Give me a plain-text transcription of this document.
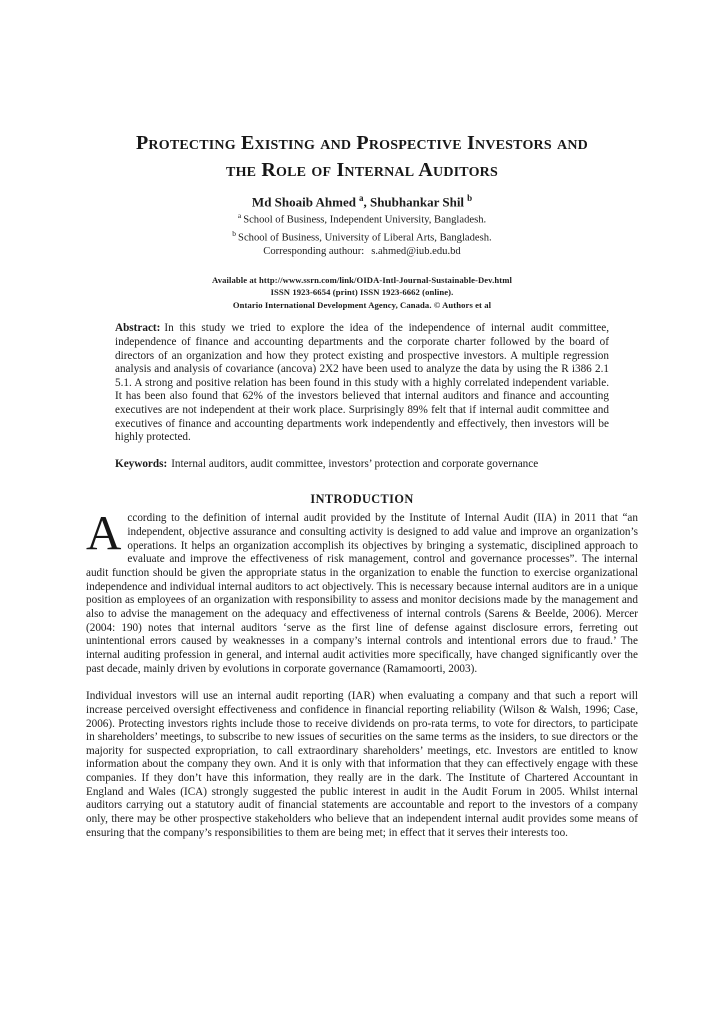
Protecting Existing and Prospective Investors and
the Role of Internal Auditors
Md Shoaib Ahmed $^a$, Shubhankar Shil $^b$

$^a$ School of Business, Independent University, Bangladesh.

$^b$ School of Business, University of Liberal Arts, Bangladesh.

Corresponding authour: s.ahmed@iub.edu.bd

Available at http://www.ssrn.com/link/OIDA-Intl-Journal-Sustainable-Dev.html
ISSN 1923-6654 (print) ISSN 1923-6662 (online).
Ontario International Development Agency, Canada. © Authors et al

Abstract: In this study we tried to explore the idea of the independence of internal audit committee, independence of finance and accounting departments and the corporate charter followed by the board of directors of an organization and how they protect existing and prospective investors. A multiple regression analysis and analysis of covariance (ancova) 2X2 have been used to analyze the data by using the R i386 2.1 5.1. A strong and positive relation has been found in this study with a highly correlated independent variable. It has been also found that 62% of the investors believed that internal auditors and finance and accounting executives are not independent at their work place. Surprisingly 89% felt that if internal audit committee and executives of finance and accounting departments work independently and effectively, then investors will be highly protected.

Keywords: Internal auditors, audit committee, investors’ protection and corporate governance

INTRODUCTION

According to the definition of internal audit provided by the Institute of Internal Audit (IIA) in 2011 that “an independent, objective assurance and consulting activity is designed to add value and improve an organization’s operations. It helps an organization accomplish its objectives by bringing a systematic, disciplined approach to evaluate and improve the effectiveness of risk management, control and governance processes”. The internal audit function should be given the appropriate status in the organization to enable the function to exercise organizational independence and individual internal auditors to act objectively. This is necessary because internal auditors are in a unique position as employees of an organization with responsibility to assess and monitor decisions made by the management and also to advise the management on the adequacy and effectiveness of internal controls (Sarens & Beelde, 2006). Mercer (2004: 190) notes that internal auditors ‘serve as the first line of defense against disclosure errors, ferreting out unintentional errors caused by weaknesses in a company’s internal controls and intentional errors due to fraud.’ The internal auditing profession in general, and internal audit activities more specifically, have changed significantly over the past decade, mainly driven by evolutions in corporate governance (Ramamoorti, 2003).

Individual investors will use an internal audit reporting (IAR) when evaluating a company and that such a report will increase perceived oversight effectiveness and confidence in financial reporting reliability (Wilson & Walsh, 1996; Case, 2006). Protecting investors rights include those to receive dividends on pro-rata terms, to vote for directors, to participate in shareholders’ meetings, to subscribe to new issues of securities on the same terms as the insiders, to sue directors or the majority for suspected expropriation, to call extraordinary shareholders’ meetings, etc. Investors are entitled to know information about the company they own. And it is only with that information that they can effectively engage with these companies. If they don’t have this information, they really are in the dark. The Institute of Chartered Accountant in England and Wales (ICA) strongly suggested the public interest in audit in the Audit Forum in 2005. Whilst internal auditors carrying out a statutory audit of financial statements are accountable and report to the investors of a company only, there may be other prospective stakeholders who believe that an independent internal audit provides some means of ensuring that the company’s responsibilities to them are being met; in effect that it serves their interests too.
